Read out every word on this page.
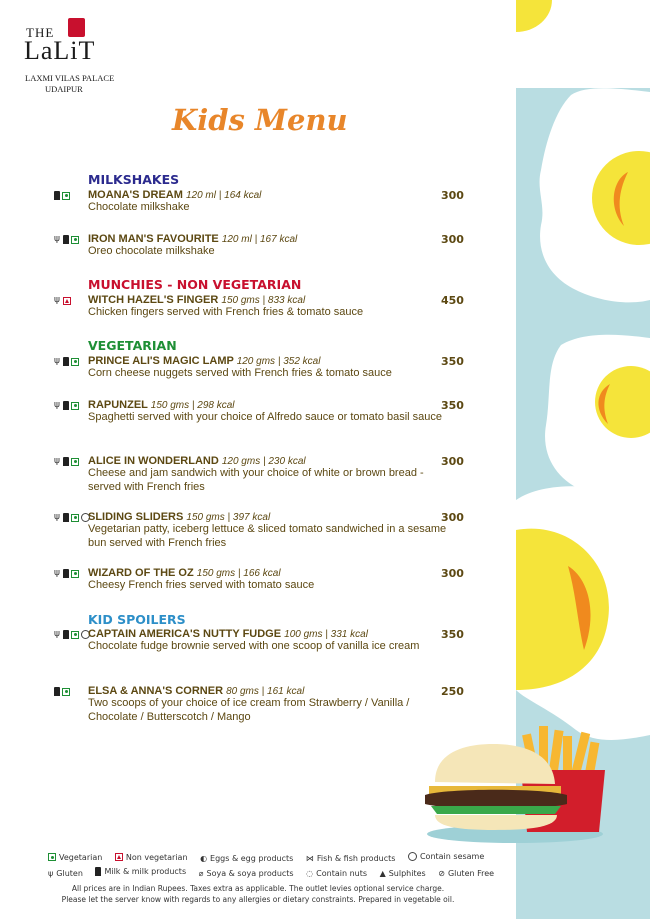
THE
LaLiT
LAXMI VILAS PALACE
UDAIPUR
Kids Menu
MILKSHAKES
MUNCHIES - NON VEGETARIAN
VEGETARIAN
KID SPOILERS
MOANA'S DREAM 120 ml | 164 kcal
Chocolate milkshake
300
ψ	IRON MAN'S FAVOURITE 120 ml | 167 kcal
Oreo chocolate milkshake
300
ψ	WITCH HAZEL'S FINGER 150 gms | 833 kcal
Chicken fingers served with French fries & tomato sauce
450
ψ	PRINCE ALI'S MAGIC LAMP 120 gms | 352 kcal
Corn cheese nuggets served with French fries & tomato sauce
350
ψ	RAPUNZEL 150 gms | 298 kcal
Spaghetti served with your choice of Alfredo sauce or tomato basil sauce
350
ψ	ALICE IN WONDERLAND 120 gms | 230 kcal
Cheese and jam sandwich with your choice of white or brown bread - served with French fries
300
ψ	SLIDING SLIDERS 150 gms | 397 kcal
Vegetarian patty, iceberg lettuce & sliced tomato sandwiched in a sesame bun served with French fries
300
ψ	WIZARD OF THE OZ 150 gms | 166 kcal
Cheesy French fries served with tomato sauce
300
ψ	CAPTAIN AMERICA'S NUTTY FUDGE 100 gms | 331 kcal
Chocolate fudge brownie served with one scoop of vanilla ice cream
350
ELSA & ANNA'S CORNER 80 gms | 161 kcal
Two scoops of your choice of ice cream from Strawberry / Vanilla / Chocolate / Butterscotch / Mango
250
Vegetarian
	Non vegetarian
◐ Eggs & egg products
⋈ Fish & fish products
	Contain sesame
ψ Gluten
	Milk & milk products
⌀ Soya & soya products
◌ Contain nuts
▲ Sulphites
⊘ Gluten Free
All prices are in Indian Rupees. Taxes extra as applicable. The outlet levies optional service charge.
Please let the server know with regards to any allergies or dietary constraints. Prepared in vegetable oil.
